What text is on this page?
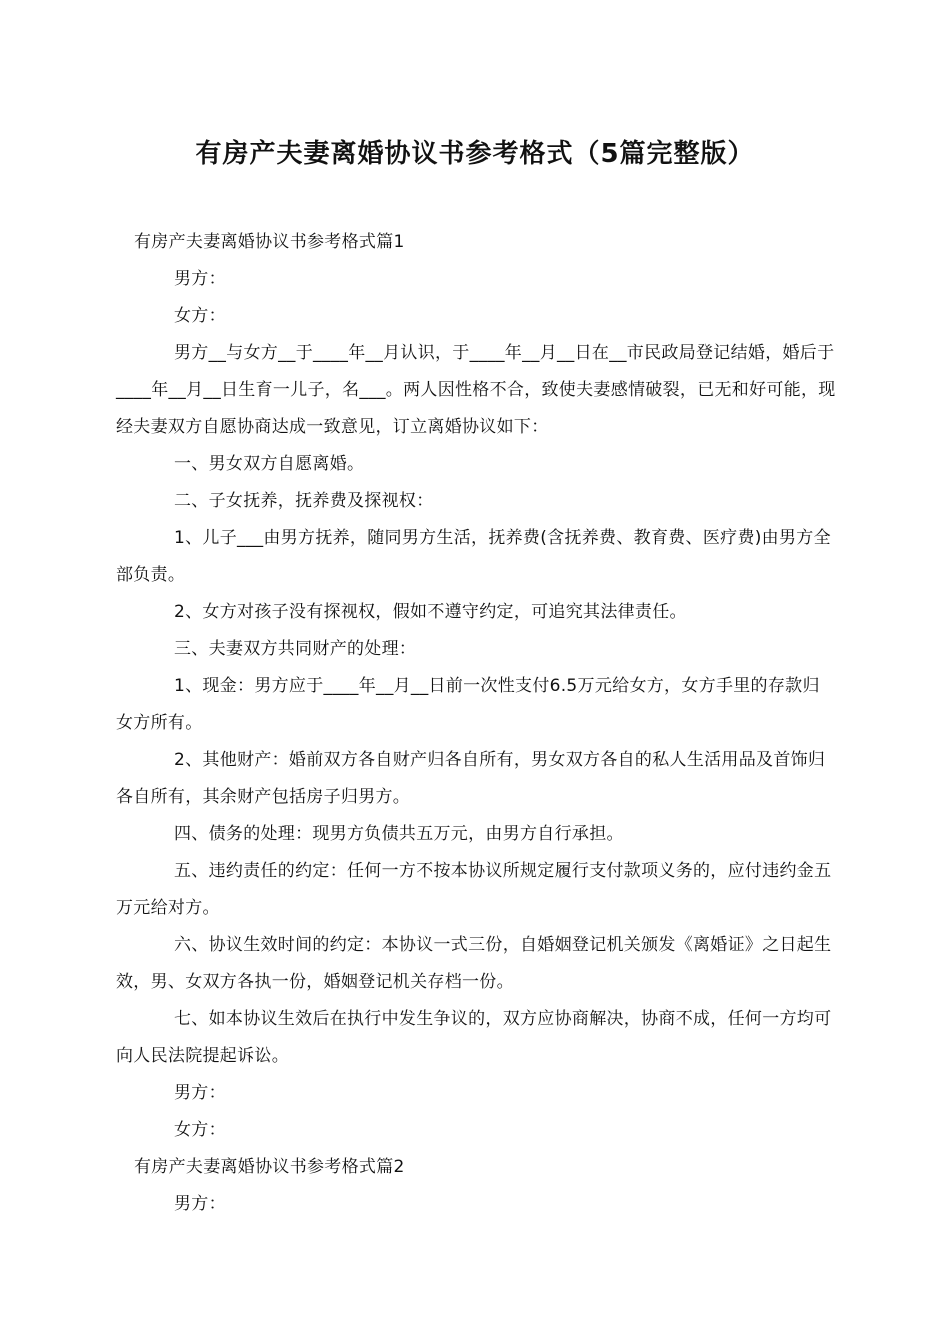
有房产夫妻离婚协议书参考格式（5篇完整版）

有房产夫妻离婚协议书参考格式篇1

男方：

女方：

男方__与女方__于____年__月认识，于____年__月__日在__市民政局登记结婚，婚后于____年__月__日生育一儿子，名___。两人因性格不合，致使夫妻感情破裂，已无和好可能，现经夫妻双方自愿协商达成一致意见，订立离婚协议如下：

一、男女双方自愿离婚。

二、子女抚养，抚养费及探视权：

1、儿子___由男方抚养，随同男方生活，抚养费(含抚养费、教育费、医疗费)由男方全部负责。

2、女方对孩子没有探视权，假如不遵守约定，可追究其法律责任。

三、夫妻双方共同财产的处理：

1、现金：男方应于____年__月__日前一次性支付6.5万元给女方，女方手里的存款归女方所有。

2、其他财产：婚前双方各自财产归各自所有，男女双方各自的私人生活用品及首饰归各自所有，其余财产包括房子归男方。

四、债务的处理：现男方负债共五万元，由男方自行承担。

五、违约责任的约定：任何一方不按本协议所规定履行支付款项义务的，应付违约金五万元给对方。

六、协议生效时间的约定：本协议一式三份，自婚姻登记机关颁发《离婚证》之日起生效，男、女双方各执一份，婚姻登记机关存档一份。

七、如本协议生效后在执行中发生争议的，双方应协商解决，协商不成，任何一方均可向人民法院提起诉讼。

男方：

女方：

有房产夫妻离婚协议书参考格式篇2

男方：
